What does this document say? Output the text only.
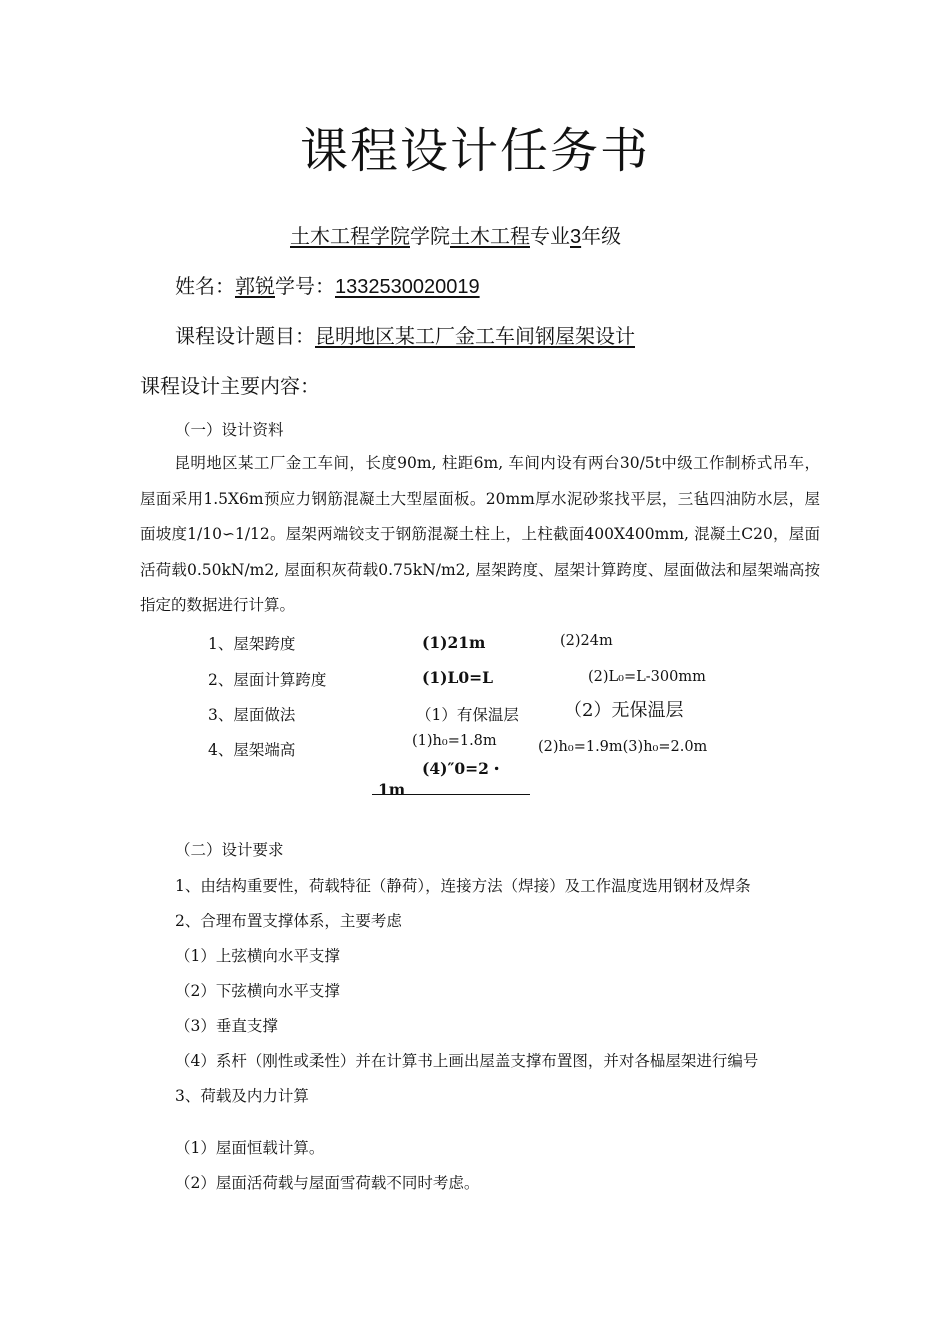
课程设计任务书
土木工程学院学院土木工程专业3年级
姓名：郭锐学号：1332530020019
课程设计题目：昆明地区某工厂金工车间钢屋架设计
课程设计主要内容：
（一）设计资料
昆明地区某工厂金工车间，长度90m, 柱距6m, 车间内设有两台30/5t中级工作制桥式吊车，屋面采用1.5X6m预应力钢筋混凝土大型屋面板。20mm厚水泥砂浆找平层，三毡四油防水层，屋面坡度1/10∽1/12。屋架两端铰支于钢筋混凝土柱上，上柱截面400X400mm, 混凝土C20，屋面活荷载0.50kN/m2, 屋面积灰荷载0.75kN/m2, 屋架跨度、屋架计算跨度、屋面做法和屋架端高按指定的数据进行计算。
1、屋架跨度	(1)21m	(2)24m
2、屋面计算跨度	(1)L0=L	(2)L₀=L-300mm
3、屋面做法	（1）有保温层	（2）无保温层
4、屋架端高	(1)h₀=1.8m	(2)h₀=1.9m(3)h₀=2.0m
(4)″0=2・
1m
（二）设计要求
1、由结构重要性，荷载特征（静荷），连接方法（焊接）及工作温度选用钢材及焊条
2、合理布置支撑体系，主要考虑
（1）上弦横向水平支撑
（2）下弦横向水平支撑
（3）垂直支撑
（4）系杆（刚性或柔性）并在计算书上画出屋盖支撑布置图，并对各榀屋架进行编号
3、荷载及内力计算
（1）屋面恒载计算。
（2）屋面活荷载与屋面雪荷载不同时考虑。
